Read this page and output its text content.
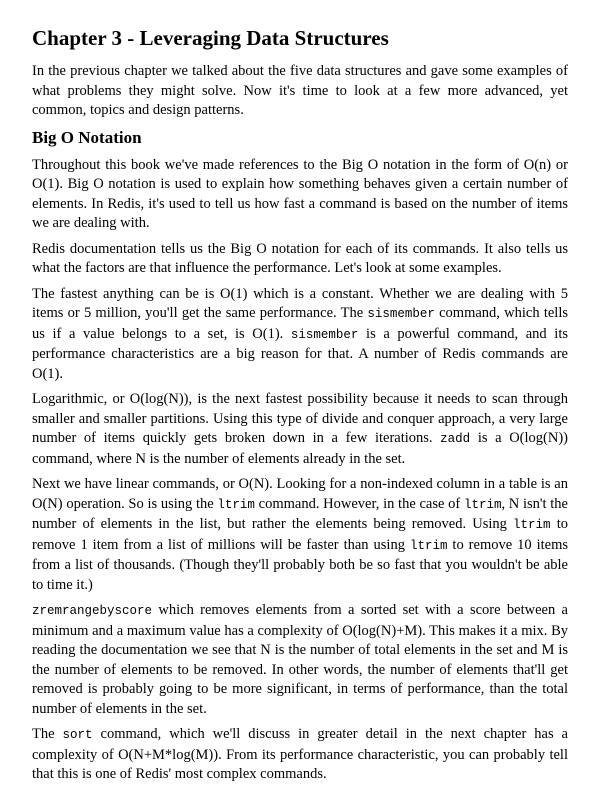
Chapter 3 - Leveraging Data Structures

In the previous chapter we talked about the five data structures and gave some examples of what problems they might solve. Now it's time to look at a few more advanced, yet common, topics and design patterns.

Big O Notation

Throughout this book we've made references to the Big O notation in the form of O(n) or O(1). Big O notation is used to explain how something behaves given a certain number of elements. In Redis, it's used to tell us how fast a command is based on the number of items we are dealing with.

Redis documentation tells us the Big O notation for each of its commands. It also tells us what the factors are that influence the performance. Let's look at some examples.

The fastest anything can be is O(1) which is a constant. Whether we are dealing with 5 items or 5 million, you'll get the same performance. The sismember command, which tells us if a value belongs to a set, is O(1). sismember is a powerful command, and its performance characteristics are a big reason for that. A number of Redis commands are O(1).

Logarithmic, or O(log(N)), is the next fastest possibility because it needs to scan through smaller and smaller partitions. Using this type of divide and conquer approach, a very large number of items quickly gets broken down in a few iterations. zadd is a O(log(N)) command, where N is the number of elements already in the set.

Next we have linear commands, or O(N). Looking for a non-indexed column in a table is an O(N) operation. So is using the ltrim command. However, in the case of ltrim, N isn't the number of elements in the list, but rather the elements being removed. Using ltrim to remove 1 item from a list of millions will be faster than using ltrim to remove 10 items from a list of thousands. (Though they'll probably both be so fast that you wouldn't be able to time it.)

zremrangebyscore which removes elements from a sorted set with a score between a minimum and a maximum value has a complexity of O(log(N)+M). This makes it a mix. By reading the documentation we see that N is the number of total elements in the set and M is the number of elements to be removed. In other words, the number of elements that'll get removed is probably going to be more significant, in terms of performance, than the total number of elements in the set.

The sort command, which we'll discuss in greater detail in the next chapter has a complexity of O(N+M*log(M)). From its performance characteristic, you can probably tell that this is one of Redis' most complex commands.
